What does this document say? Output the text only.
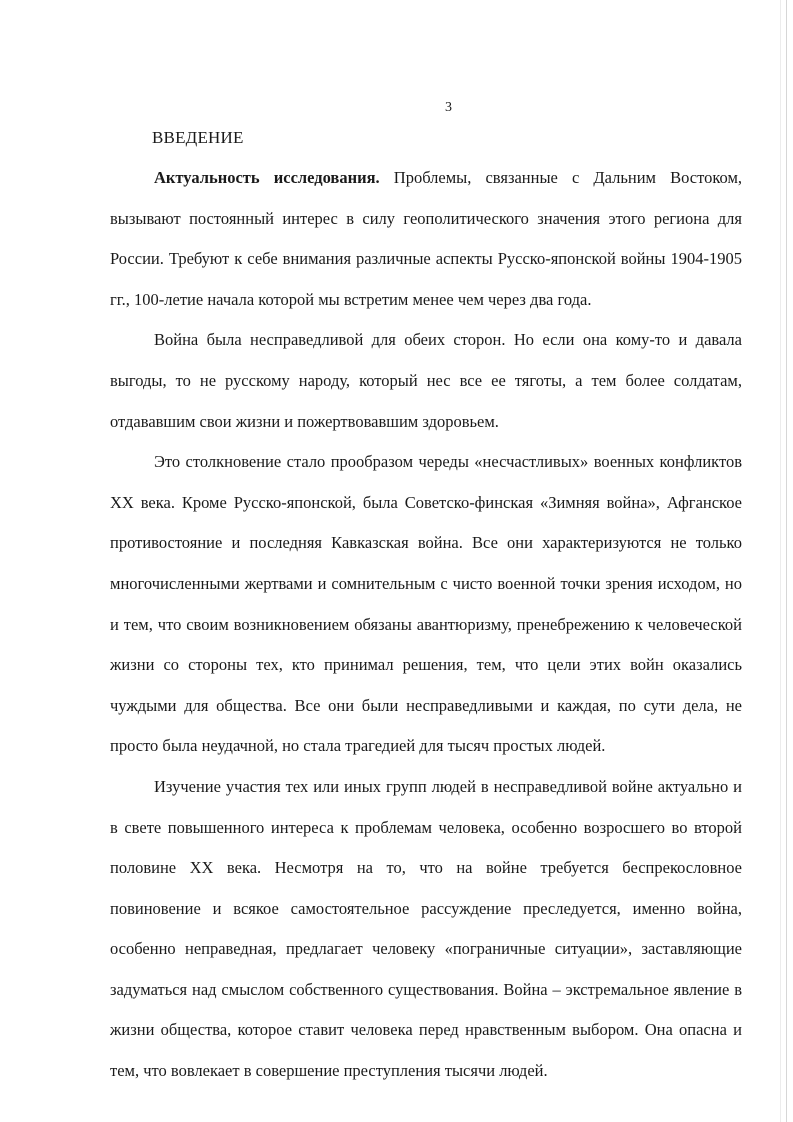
3
ВВЕДЕНИЕ

Актуальность исследования. Проблемы, связанные с Дальним Востоком, вызывают постоянный интерес в силу геополитического значения этого региона для России. Требуют к себе внимания различные аспекты Русско-японской войны 1904-1905 гг., 100-летие начала которой мы встретим менее чем через два года.

Война была несправедливой для обеих сторон. Но если она кому-то и давала выгоды, то не русскому народу, который нес все ее тяготы, а тем более солдатам, отдававшим свои жизни и пожертвовавшим здоровьем.

Это столкновение стало прообразом череды «несчастливых» военных конфликтов XX века. Кроме Русско-японской, была Советско-финская «Зимняя война», Афганское противостояние и последняя Кавказская война. Все они характеризуются не только многочисленными жертвами и сомнительным с чисто военной точки зрения исходом, но и тем, что своим возникновением обязаны авантюризму, пренебрежению к человеческой жизни со стороны тех, кто принимал решения, тем, что цели этих войн оказались чуждыми для общества. Все они были несправедливыми и каждая, по сути дела, не просто была неудачной, но стала трагедией для тысяч простых людей.

Изучение участия тех или иных групп людей в несправедливой войне актуально и в свете повышенного интереса к проблемам человека, особенно возросшего во второй половине XX века. Несмотря на то, что на войне требуется беспрекословное повиновение и всякое самостоятельное рассуждение преследуется, именно война, особенно неправедная, предлагает человеку «пограничные ситуации», заставляющие задуматься над смыслом собственного существования. Война – экстремальное явление в жизни общества, которое ставит человека перед нравственным выбором. Она опасна и тем, что вовлекает в совершение преступления тысячи людей.
